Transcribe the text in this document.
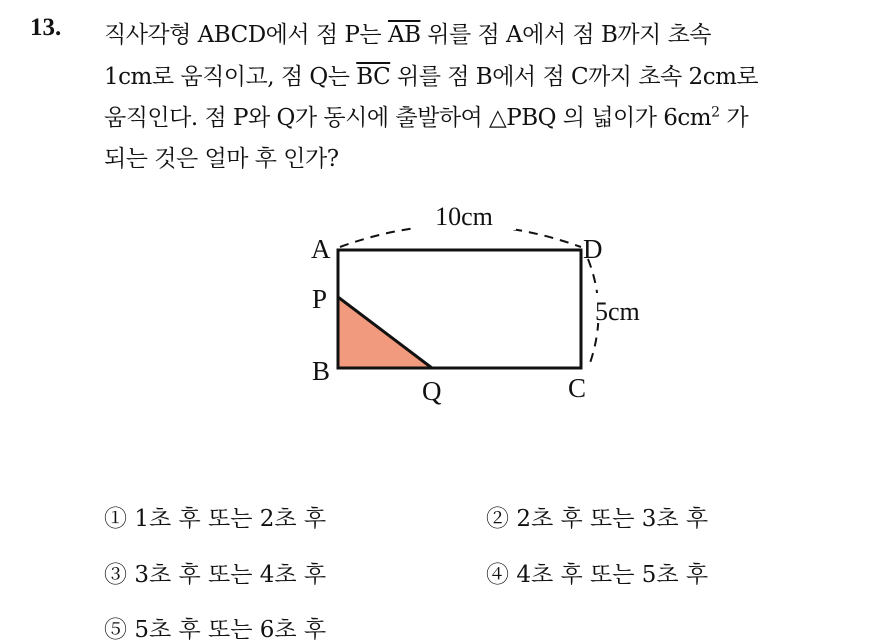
13. 직사각형 ABCD에서 점 P는 $\overline{AB}$ 위를 점 A에서 점 B까지 초속
1cm로 움직이고, 점 Q는 $\overline{BC}$ 위를 점 B에서 점 C까지 초속 2cm로
움직인다. 점 P와 Q가 동시에 출발하여 △PBQ 의 넓이가 $6cm^2$ 가
되는 것은 얼마 후 인가?
10cm
5cm
A	D
P
B
Q	C
① 1초 후 또는 2초 후	② 2초 후 또는 3초 후
③ 3초 후 또는 4초 후	④ 4초 후 또는 5초 후
⑤ 5초 후 또는 6초 후
